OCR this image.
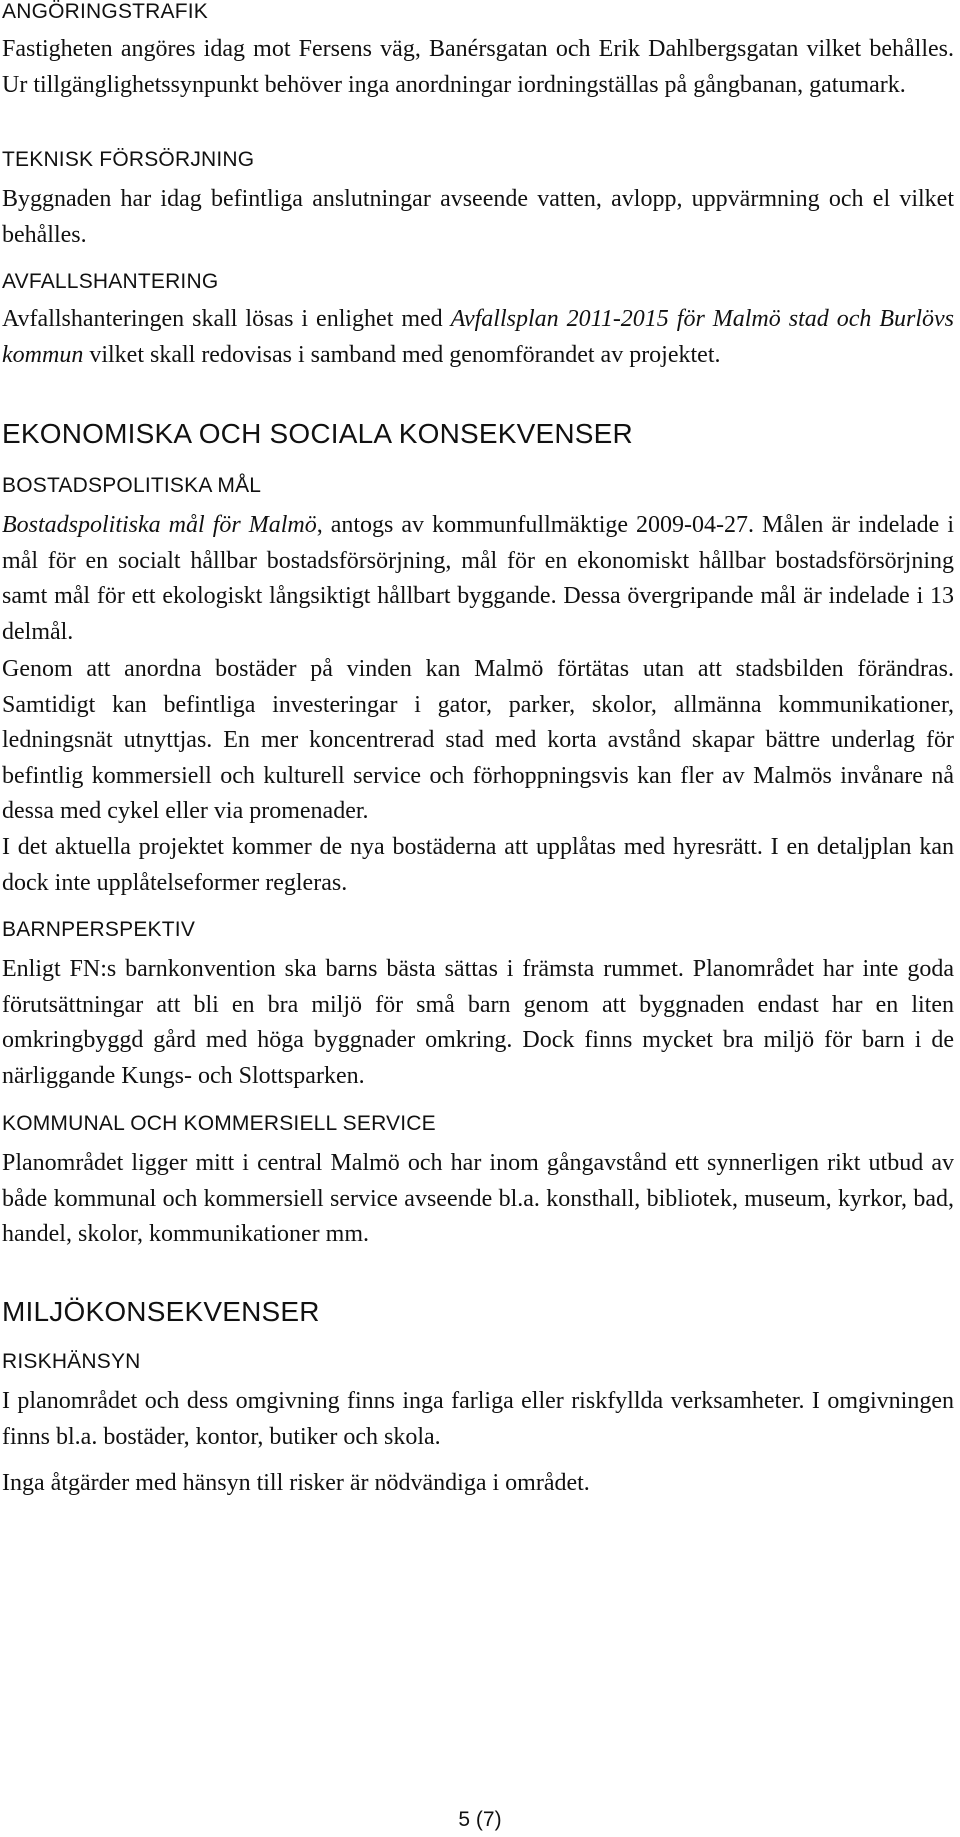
ANGÖRINGSTRAFIK
Fastigheten angöres idag mot Fersens väg, Banérsgatan och Erik Dahlbergsgatan vilket behålles. Ur tillgänglighetssynpunkt behöver inga anordningar iordningställas på gångbanan, gatumark.
TEKNISK FÖRSÖRJNING
Byggnaden har idag befintliga anslutningar avseende vatten, avlopp, uppvärmning och el vilket behålles.
AVFALLSHANTERING
Avfallshanteringen skall lösas i enlighet med Avfallsplan 2011-2015 för Malmö stad och Burlövs kommun vilket skall redovisas i samband med genomförandet av projektet.
EKONOMISKA OCH SOCIALA KONSEKVENSER
BOSTADSPOLITISKA MÅL
Bostadspolitiska mål för Malmö, antogs av kommunfullmäktige 2009-04-27. Målen är indelade i mål för en socialt hållbar bostadsförsörjning, mål för en ekonomiskt hållbar bostadsförsörjning samt mål för ett ekologiskt långsiktigt hållbart byggande. Dessa övergripande mål är indelade i 13 delmål.
Genom att anordna bostäder på vinden kan Malmö förtätas utan att stadsbilden förändras. Samtidigt kan befintliga investeringar i gator, parker, skolor, allmänna kommunikationer, ledningsnät utnyttjas. En mer koncentrerad stad med korta avstånd skapar bättre underlag för befintlig kommersiell och kulturell service och förhoppningsvis kan fler av Malmös invånare nå dessa med cykel eller via promenader.
I det aktuella projektet kommer de nya bostäderna att upplåtas med hyresrätt. I en detaljplan kan dock inte upplåtelseformer regleras.
BARNPERSPEKTIV
Enligt FN:s barnkonvention ska barns bästa sättas i främsta rummet. Planområdet har inte goda förutsättningar att bli en bra miljö för små barn genom att byggnaden endast har en liten omkringbyggd gård med höga byggnader omkring. Dock finns mycket bra miljö för barn i de närliggande Kungs- och Slottsparken.
KOMMUNAL OCH KOMMERSIELL SERVICE
Planområdet ligger mitt i central Malmö och har inom gångavstånd ett synnerligen rikt utbud av både kommunal och kommersiell service avseende bl.a. konsthall, bibliotek, museum, kyrkor, bad, handel, skolor, kommunikationer mm.
MILJÖKONSEKVENSER
RISKHÄNSYN
I planområdet och dess omgivning finns inga farliga eller riskfyllda verksamheter. I omgivningen finns bl.a. bostäder, kontor, butiker och skola.
Inga åtgärder med hänsyn till risker är nödvändiga i området.
5 (7)
